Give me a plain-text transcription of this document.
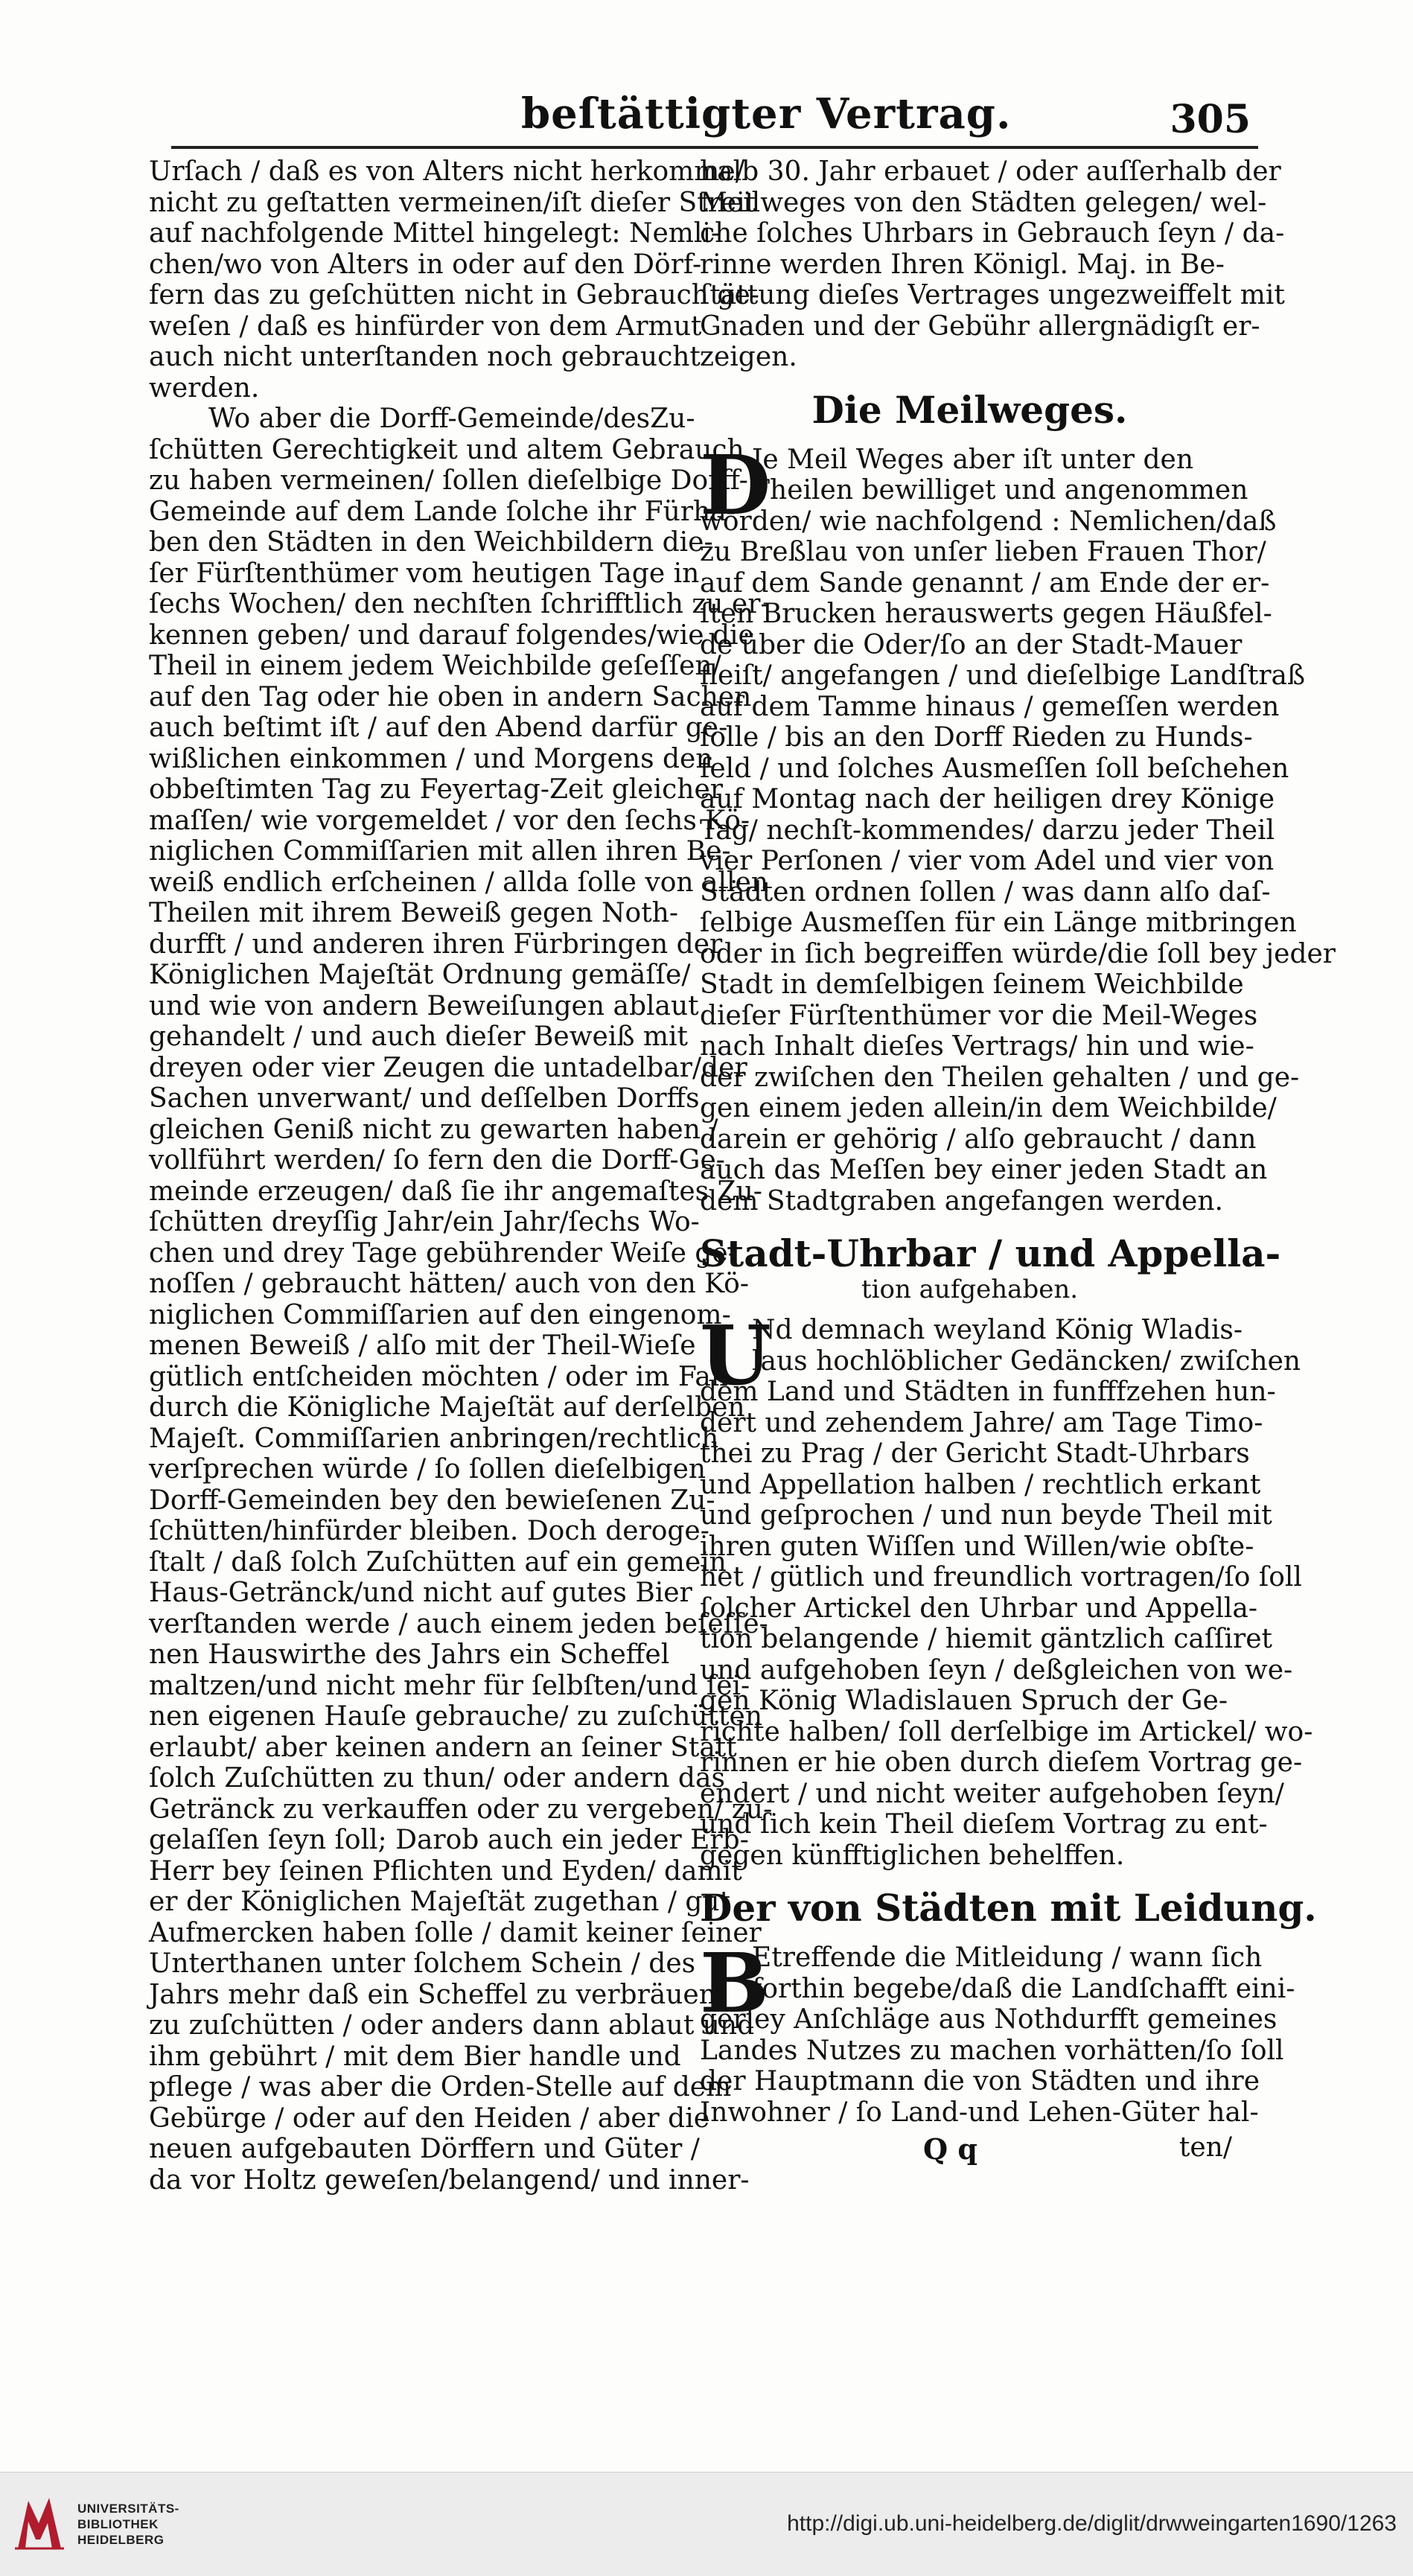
beſtättigter Vertrag.	305
Urſach / daß es von Alters nicht herkomme/
nicht zu geſtatten vermeinen/iſt dieſer Streit
auf nachfolgende Mittel hingelegt: Nemli-
chen/wo von Alters in oder auf den Dörf-
fern das zu geſchütten nicht in Gebrauch ge-
weſen / daß es hinfürder von dem Armut
auch nicht unterſtanden noch gebraucht
werden.
Wo aber die Dorff-Gemeinde/desZu-
ſchütten Gerechtigkeit und altem Gebrauch
zu haben vermeinen/ ſollen dieſelbige Dorff-
Gemeinde auf dem Lande ſolche ihr Fürha-
ben den Städten in den Weichbildern die-
ſer Fürſtenthümer vom heutigen Tage in
ſechs Wochen/ den nechſten ſchrifftlich zu er-
kennen geben/ und darauf folgendes/wie die
Theil in einem jedem Weichbilde geſeſſen/
auf den Tag oder hie oben in andern Sachen
auch beſtimt iſt / auf den Abend darfür ge-
wißlichen einkommen / und Morgens den
obbeſtimten Tag zu Feyertag-Zeit gleicher
maſſen/ wie vorgemeldet / vor den ſechs Kö-
niglichen Commiſſarien mit allen ihren Be-
weiß endlich erſcheinen / allda ſolle von allen
Theilen mit ihrem Beweiß gegen Noth-
durfft / und anderen ihren Fürbringen der
Königlichen Majeſtät Ordnung gemäſſe/
und wie von andern Beweiſungen ablaut
gehandelt / und auch dieſer Beweiß mit
dreyen oder vier Zeugen die untadelbar/der
Sachen unverwant/ und deſſelben Dorffs
gleichen Geniß nicht zu gewarten haben /
vollführt werden/ ſo fern den die Dorff-Ge-
meinde erzeugen/ daß ſie ihr angemaſtes Zu-
ſchütten dreyſſig Jahr/ein Jahr/ſechs Wo-
chen und drey Tage gebührender Weiſe ge-
noſſen / gebraucht hätten/ auch von den Kö-
niglichen Commiſſarien auf den eingenom-
menen Beweiß / alſo mit der Theil-Wieſe
gütlich entſcheiden möchten / oder im Fall
durch die Königliche Majeſtät auf derſelben
Majeſt. Commiſſarien anbringen/rechtlich
verſprechen würde / ſo ſollen dieſelbigen
Dorff-Gemeinden bey den bewieſenen Zu-
ſchütten/hinfürder bleiben. Doch deroge-
ſtalt / daß ſolch Zuſchütten auf ein gemein
Haus-Getränck/und nicht auf gutes Bier
verſtanden werde / auch einem jeden beſeſſe-
nen Hauswirthe des Jahrs ein Scheffel
maltzen/und nicht mehr für ſelbſten/und ſei-
nen eigenen Hauſe gebrauche/ zu zuſchütten
erlaubt/ aber keinen andern an ſeiner Statt
ſolch Zuſchütten zu thun/ oder andern das
Getränck zu verkauffen oder zu vergeben/ zu-
gelaſſen ſeyn ſoll; Darob auch ein jeder Erb-
Herr bey ſeinen Pflichten und Eyden/ damit
er der Königlichen Majeſtät zugethan / gut
Aufmercken haben ſolle / damit keiner ſeiner
Unterthanen unter ſolchem Schein / des
Jahrs mehr daß ein Scheffel zu verbräuen
zu zuſchütten / oder anders dann ablaut und
ihm gebührt / mit dem Bier handle und
pflege / was aber die Orden-Stelle auf dem
Gebürge / oder auf den Heiden / aber die
neuen aufgebauten Dörffern und Güter /
da vor Holtz geweſen/belangend/ und inner-
halb 30. Jahr erbauet / oder auſſerhalb der
Meilweges von den Städten gelegen/ wel-
che ſolches Uhrbars in Gebrauch ſeyn / da-
rinne werden Ihren Königl. Maj. in Be-
ſtättung dieſes Vertrages ungezweiffelt mit
Gnaden und der Gebühr allergnädigſt er-
zeigen.
Die Meilweges.
D
Je Meil Weges aber iſt unter den
Theilen bewilliget und angenommen
worden/ wie nachfolgend : Nemlichen/daß
zu Breßlau von unſer lieben Frauen Thor/
auf dem Sande genannt / am Ende der er-
ſten Brucken herauswerts gegen Häußfel-
de über die Oder/ſo an der Stadt-Mauer
fleiſt/ angefangen / und dieſelbige Landſtraß
auf dem Tamme hinaus / gemeſſen werden
ſolle / bis an den Dorff Rieden zu Hunds-
feld / und ſolches Ausmeſſen ſoll beſchehen
auf Montag nach der heiligen drey Könige
Tag/ nechſt-kommendes/ darzu jeder Theil
vier Perſonen / vier vom Adel und vier von
Städten ordnen ſollen / was dann alſo daſ-
ſelbige Ausmeſſen für ein Länge mitbringen
oder in ſich begreiffen würde/die ſoll bey jeder
Stadt in demſelbigen ſeinem Weichbilde
dieſer Fürſtenthümer vor die Meil-Weges
nach Inhalt dieſes Vertrags/ hin und wie-
der zwiſchen den Theilen gehalten / und ge-
gen einem jeden allein/in dem Weichbilde/
darein er gehörig / alſo gebraucht / dann
auch das Meſſen bey einer jeden Stadt an
dem Stadtgraben angefangen werden.
Stadt-Uhrbar / und Appella-
tion aufgehaben.
U
Nd demnach weyland König Wladis-
laus hochlöblicher Gedäncken/ zwiſchen
dem Land und Städten in funfffzehen hun-
dert und zehendem Jahre/ am Tage Timo-
thei zu Prag / der Gericht Stadt-Uhrbars
und Appellation halben / rechtlich erkant
und geſprochen / und nun beyde Theil mit
ihren guten Wiſſen und Willen/wie obſte-
het / gütlich und freundlich vortragen/ſo ſoll
ſolcher Artickel den Uhrbar und Appella-
tion belangende / hiemit gäntzlich caſſiret
und aufgehoben ſeyn / deßgleichen von we-
gen König Wladislauen Spruch der Ge-
richte halben/ ſoll derſelbige im Artickel/ wo-
rinnen er hie oben durch dieſem Vortrag ge-
endert / und nicht weiter aufgehoben ſeyn/
und ſich kein Theil dieſem Vortrag zu ent-
gegen künfftiglichen behelffen.
Der von Städten mit Leidung.
B
Etreffende die Mitleidung / wann ſich
forthin begebe/daß die Landſchafft eini-
gerley Anſchläge aus Nothdurfft gemeines
Landes Nutzes zu machen vorhätten/ſo ſoll
der Hauptmann die von Städten und ihre
Inwohner / ſo Land-und Lehen-Güter hal-
Q q	ten/
UNIVERSITÄTS-
BIBLIOTHEK
HEIDELBERG
http://digi.ub.uni-heidelberg.de/diglit/drwweingarten1690/1263
